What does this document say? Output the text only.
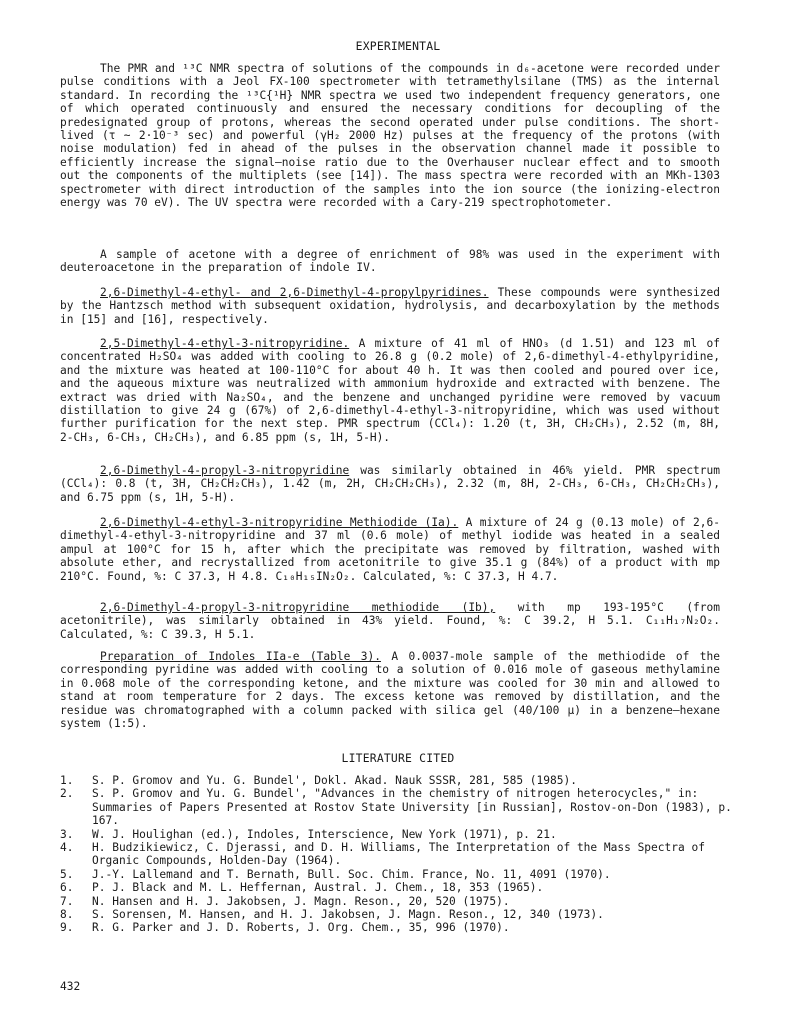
EXPERIMENTAL
The PMR and ¹³C NMR spectra of solutions of the compounds in d₆-acetone were recorded under pulse conditions with a Jeol FX-100 spectrometer with tetramethylsilane (TMS) as the internal standard. In recording the ¹³C{¹H} NMR spectra we used two independent frequency generators, one of which operated continuously and ensured the necessary conditions for decoupling of the predesignated group of protons, whereas the second operated under pulse conditions. The short-lived (τ ~ 2·10⁻³ sec) and powerful (γH₂ 2000 Hz) pulses at the frequency of the protons (with noise modulation) fed in ahead of the pulses in the observation channel made it possible to efficiently increase the signal—noise ratio due to the Overhauser nuclear effect and to smooth out the components of the multiplets (see [14]). The mass spectra were recorded with an MKh-1303 spectrometer with direct introduction of the samples into the ion source (the ionizing-electron energy was 70 eV). The UV spectra were recorded with a Cary-219 spectrophotometer.
A sample of acetone with a degree of enrichment of 98% was used in the experiment with deuteroacetone in the preparation of indole IV.
2,6-Dimethyl-4-ethyl- and 2,6-Dimethyl-4-propylpyridines. These compounds were synthesized by the Hantzsch method with subsequent oxidation, hydrolysis, and decarboxylation by the methods in [15] and [16], respectively.
2,5-Dimethyl-4-ethyl-3-nitropyridine. A mixture of 41 ml of HNO₃ (d 1.51) and 123 ml of concentrated H₂SO₄ was added with cooling to 26.8 g (0.2 mole) of 2,6-dimethyl-4-ethylpyridine, and the mixture was heated at 100-110°C for about 40 h. It was then cooled and poured over ice, and the aqueous mixture was neutralized with ammonium hydroxide and extracted with benzene. The extract was dried with Na₂SO₄, and the benzene and unchanged pyridine were removed by vacuum distillation to give 24 g (67%) of 2,6-dimethyl-4-ethyl-3-nitropyridine, which was used without further purification for the next step. PMR spectrum (CCl₄): 1.20 (t, 3H, CH₂CH₃), 2.52 (m, 8H, 2-CH₃, 6-CH₃, CH₂CH₃), and 6.85 ppm (s, 1H, 5-H).
2,6-Dimethyl-4-propyl-3-nitropyridine was similarly obtained in 46% yield. PMR spectrum (CCl₄): 0.8 (t, 3H, CH₂CH₂CH₃), 1.42 (m, 2H, CH₂CH₂CH₃), 2.32 (m, 8H, 2-CH₃, 6-CH₃, CH₂CH₂CH₃), and 6.75 ppm (s, 1H, 5-H).
2,6-Dimethyl-4-ethyl-3-nitropyridine Methiodide (Ia). A mixture of 24 g (0.13 mole) of 2,6-dimethyl-4-ethyl-3-nitropyridine and 37 ml (0.6 mole) of methyl iodide was heated in a sealed ampul at 100°C for 15 h, after which the precipitate was removed by filtration, washed with absolute ether, and recrystallized from acetonitrile to give 35.1 g (84%) of a product with mp 210°C. Found, %: C 37.3, H 4.8. C₁₀H₁₅IN₂O₂. Calculated, %: C 37.3, H 4.7.
2,6-Dimethyl-4-propyl-3-nitropyridine methiodide (Ib), with mp 193-195°C (from acetonitrile), was similarly obtained in 43% yield. Found, %: C 39.2, H 5.1. C₁₁H₁₇N₂O₂. Calculated, %: C 39.3, H 5.1.
Preparation of Indoles IIa-e (Table 3). A 0.0037-mole sample of the methiodide of the corresponding pyridine was added with cooling to a solution of 0.016 mole of gaseous methylamine in 0.068 mole of the corresponding ketone, and the mixture was cooled for 30 min and allowed to stand at room temperature for 2 days. The excess ketone was removed by distillation, and the residue was chromatographed with a column packed with silica gel (40/100 μ) in a benzene—hexane system (1:5).
LITERATURE CITED
1.	S. P. Gromov and Yu. G. Bundel', Dokl. Akad. Nauk SSSR, 281, 585 (1985).
2.	S. P. Gromov and Yu. G. Bundel', "Advances in the chemistry of nitrogen heterocycles," in: Summaries of Papers Presented at Rostov State University [in Russian], Rostov-on-Don (1983), p. 167.
3.	W. J. Houlighan (ed.), Indoles, Interscience, New York (1971), p. 21.
4.	H. Budzikiewicz, C. Djerassi, and D. H. Williams, The Interpretation of the Mass Spectra of Organic Compounds, Holden-Day (1964).
5.	J.-Y. Lallemand and T. Bernath, Bull. Soc. Chim. France, No. 11, 4091 (1970).
6.	P. J. Black and M. L. Heffernan, Austral. J. Chem., 18, 353 (1965).
7.	N. Hansen and H. J. Jakobsen, J. Magn. Reson., 20, 520 (1975).
8.	S. Sorensen, M. Hansen, and H. J. Jakobsen, J. Magn. Reson., 12, 340 (1973).
9.	R. G. Parker and J. D. Roberts, J. Org. Chem., 35, 996 (1970).
432
